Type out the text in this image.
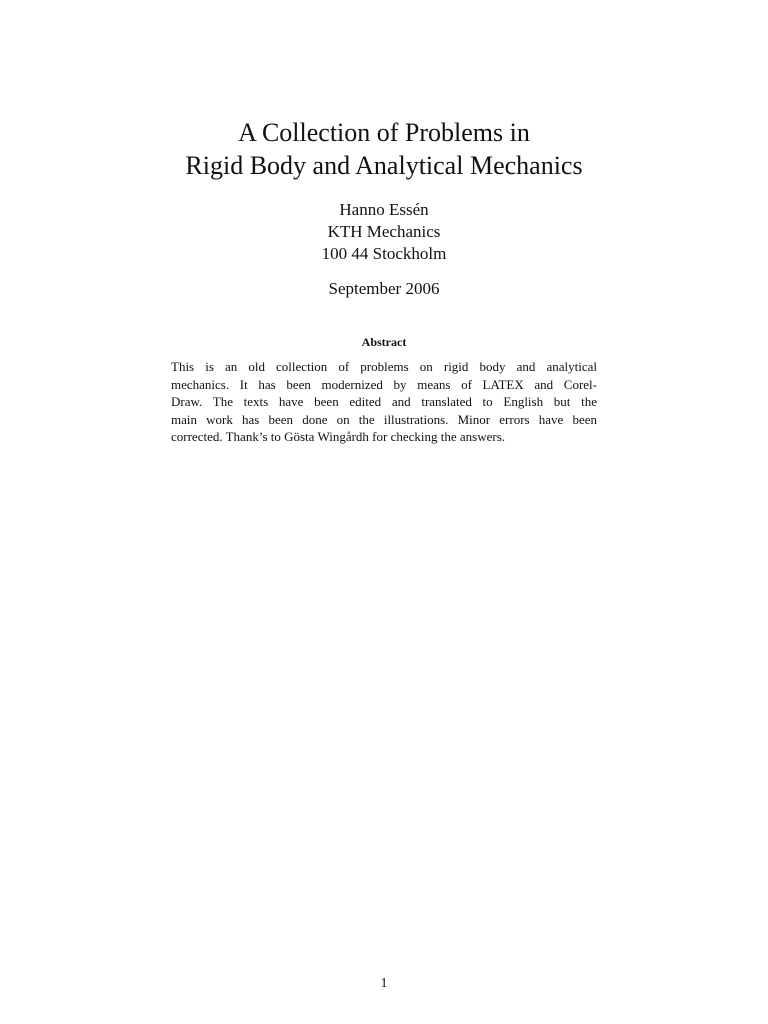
A Collection of Problems in
Rigid Body and Analytical Mechanics
Hanno Essén
KTH Mechanics
100 44 Stockholm
September 2006
Abstract
This is an old collection of problems on rigid body and analytical
mechanics. It has been modernized by means of LATEX and Corel-
Draw. The texts have been edited and translated to English but the
main work has been done on the illustrations. Minor errors have been
corrected. Thank’s to Gösta Wingårdh for checking the answers.
1
